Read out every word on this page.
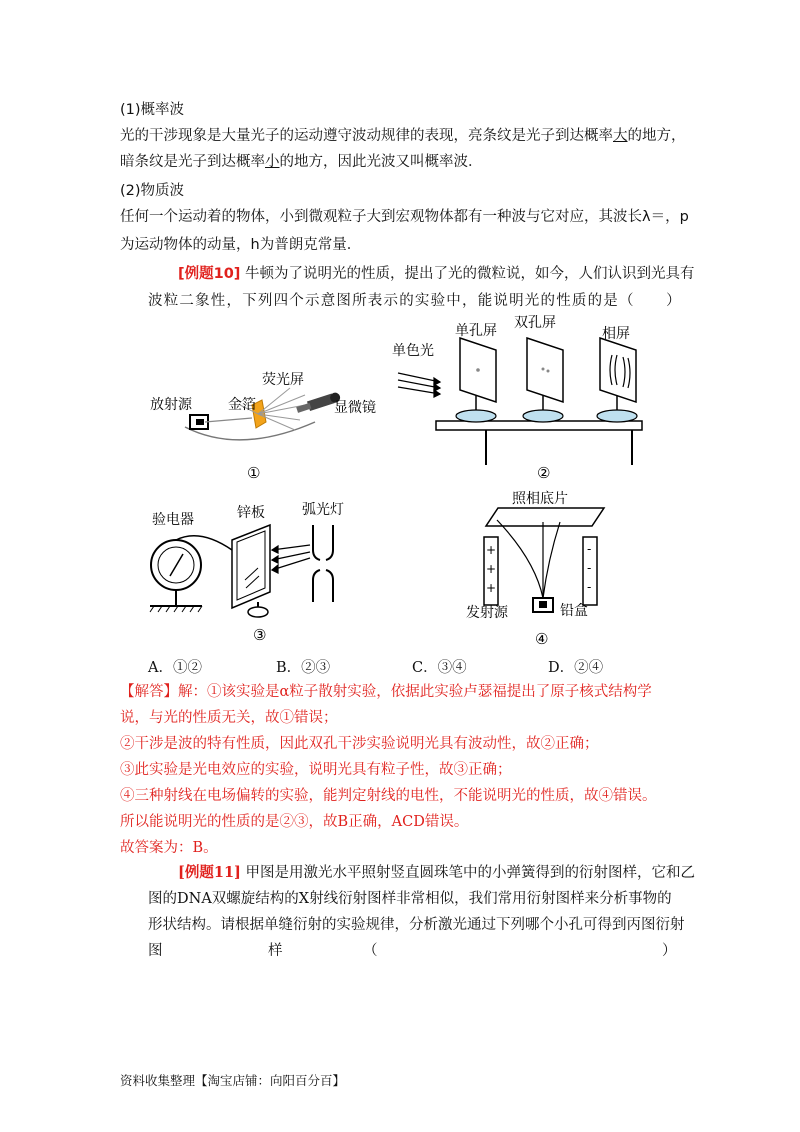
(1)概率波
光的干涉现象是大量光子的运动遵守波动规律的表现，亮条纹是光子到达概率大的地方，
暗条纹是光子到达概率小的地方，因此光波又叫概率波．
(2)物质波
任何一个运动着的物体，小到微观粒子大到宏观物体都有一种波与它对应，其波长λ＝，p
为运动物体的动量，h为普朗克常量．
[例题10] 牛顿为了说明光的性质，提出了光的微粒说，如今，人们认识到光具有
波粒二象性，下列四个示意图所表示的实验中，能说明光的性质的是（　　）
放射源	金箔
荧光屏
显微镜
①
单色光
单孔屏 双孔屏
相屏
②
验电器	锌板	弧光灯
③
+
+
+
-
-
-
照相底片
发射源	铅盒
④
A．①②	B．②③	C．③④	D．②④
【解答】解：①该实验是α粒子散射实验，依据此实验卢瑟福提出了原子核式结构学
说，与光的性质无关，故①错误；
②干涉是波的特有性质，因此双孔干涉实验说明光具有波动性，故②正确；
③此实验是光电效应的实验，说明光具有粒子性，故③正确；
④三种射线在电场偏转的实验，能判定射线的电性，不能说明光的性质，故④错误。
所以能说明光的性质的是②③，故B正确，ACD错误。
故答案为：B。
[例题11] 甲图是用激光水平照射竖直圆珠笔中的小弹簧得到的衍射图样，它和乙
图的DNA双螺旋结构的X射线衍射图样非常相似，我们常用衍射图样来分析事物的
形状结构。请根据单缝衍射的实验规律，分析激光通过下列哪个小孔可得到丙图衍射
图	样	（	）
资料收集整理【淘宝店铺：向阳百分百】
